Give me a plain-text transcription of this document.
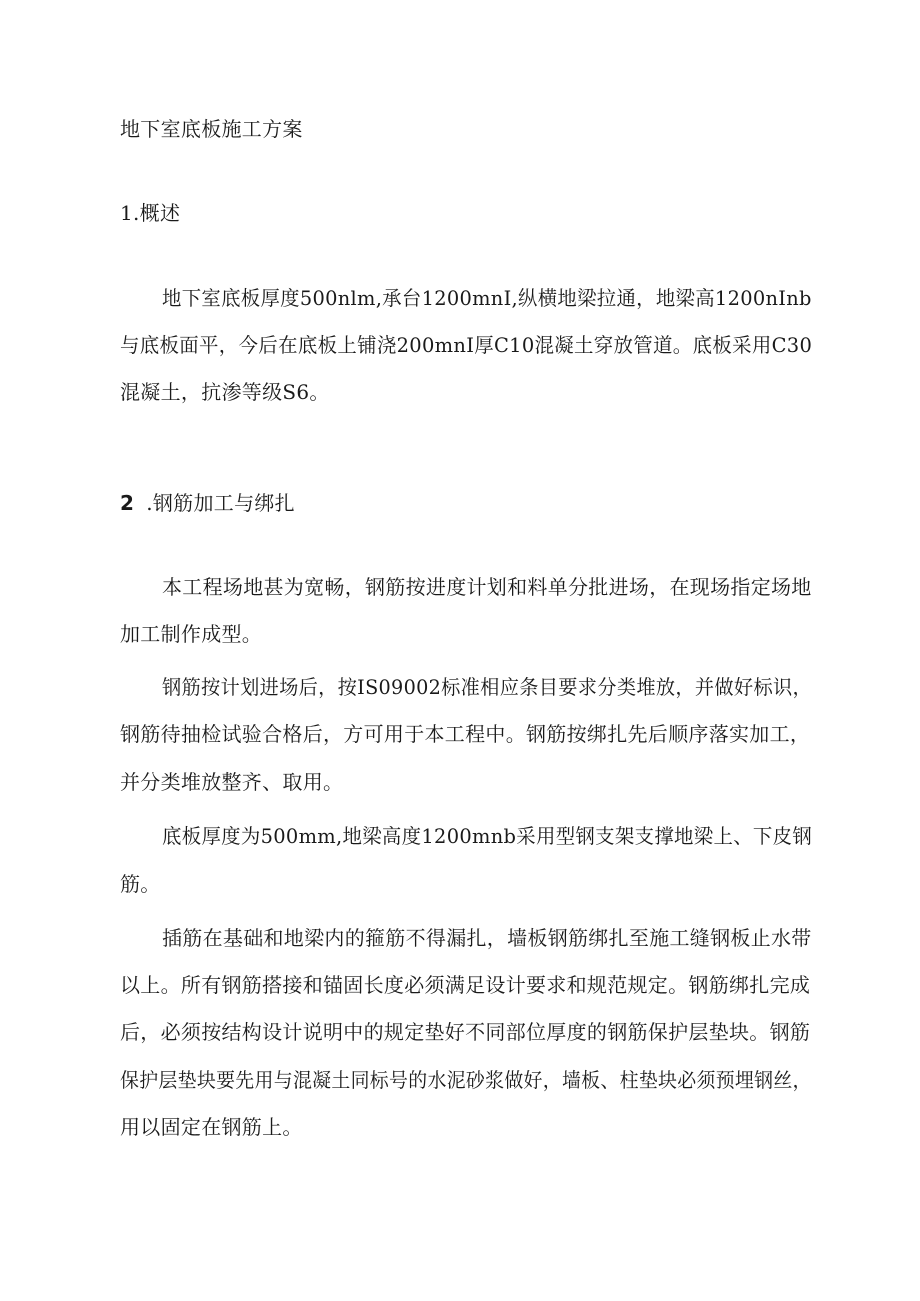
地下室底板施工方案
1.概述
地下室底板厚度500nlm,承台1200mnI,纵横地梁拉通，地梁高1200nInb
与底板面平，今后在底板上铺浇200mnI厚C10混凝土穿放管道。底板采用C30
混凝土，抗渗等级S6。
2 .钢筋加工与绑扎
本工程场地甚为宽畅，钢筋按进度计划和料单分批进场，在现场指定场地
加工制作成型。
钢筋按计划进场后，按IS09002标准相应条目要求分类堆放，并做好标识，
钢筋待抽检试验合格后，方可用于本工程中。钢筋按绑扎先后顺序落实加工，
并分类堆放整齐、取用。
底板厚度为500mm,地梁高度1200mnb采用型钢支架支撑地梁上、下皮钢
筋。
插筋在基础和地梁内的箍筋不得漏扎，墙板钢筋绑扎至施工缝钢板止水带
以上。所有钢筋搭接和锚固长度必须满足设计要求和规范规定。钢筋绑扎完成
后，必须按结构设计说明中的规定垫好不同部位厚度的钢筋保护层垫块。钢筋
保护层垫块要先用与混凝土同标号的水泥砂浆做好，墙板、柱垫块必须预埋钢丝，
用以固定在钢筋上。
